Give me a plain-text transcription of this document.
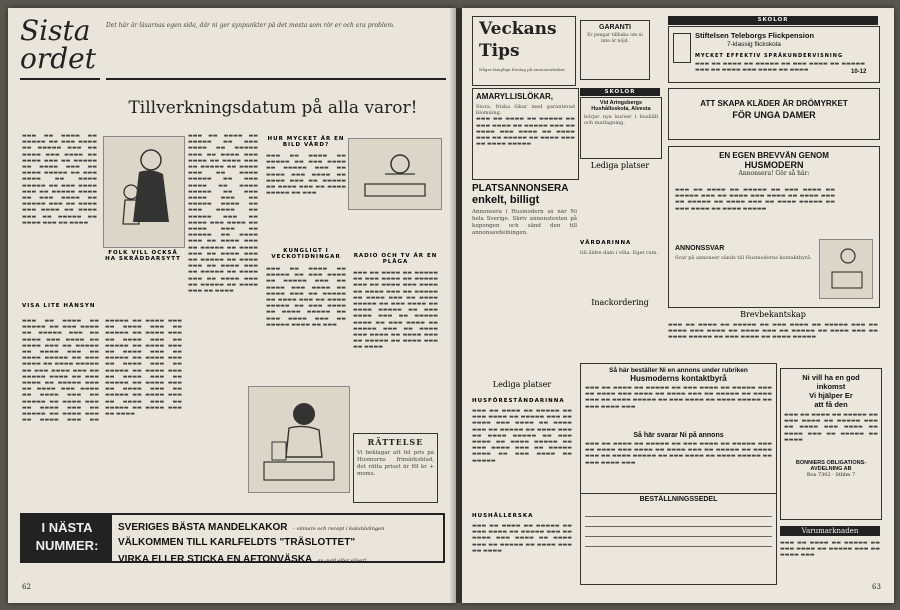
Sista
ordet
Det här är läsarnas egen sida, där ni ger synpunkter på det mesta som rör er och era problem.
Tillverkningsdatum på alla varor!
▬▬▬ ▬▬ ▬▬▬▬ ▬▬ ▬▬▬▬▬ ▬▬ ▬▬▬ ▬▬▬▬ ▬▬ ▬▬▬▬▬ ▬▬▬ ▬▬ ▬▬▬▬ ▬▬▬ ▬▬▬▬ ▬▬ ▬▬▬▬ ▬▬▬ ▬▬ ▬▬▬▬▬ ▬▬ ▬▬▬▬ ▬▬▬ ▬▬ ▬▬▬▬ ▬▬▬▬▬ ▬▬ ▬▬▬ ▬▬▬▬ ▬▬ ▬▬▬▬ ▬▬▬▬▬ ▬▬ ▬▬▬ ▬▬▬▬ ▬▬▬ ▬▬ ▬▬▬▬▬ ▬▬▬▬ ▬▬ ▬▬▬ ▬▬▬▬ ▬▬ ▬▬▬▬▬ ▬▬▬ ▬▬ ▬▬▬▬ ▬▬▬ ▬▬▬▬ ▬▬ ▬▬▬▬ ▬▬▬ ▬▬ ▬▬▬▬▬ ▬▬ ▬▬▬▬ ▬▬▬ ▬▬ ▬▬▬▬
FOLK VILL OCKSÅ HA SKRÅDDARSYTT
▬▬▬ ▬▬ ▬▬▬▬ ▬▬ ▬▬▬▬▬ ▬▬ ▬▬▬ ▬▬▬▬ ▬▬ ▬▬▬▬▬ ▬▬▬ ▬▬ ▬▬▬▬ ▬▬▬ ▬▬▬▬ ▬▬ ▬▬▬▬ ▬▬▬ ▬▬ ▬▬▬▬▬ ▬▬ ▬▬▬▬ ▬▬▬ ▬▬ ▬▬▬▬ ▬▬▬▬▬ ▬▬ ▬▬▬ ▬▬▬▬ ▬▬ ▬▬▬▬ ▬▬▬▬▬ ▬▬ ▬▬▬ ▬▬▬▬ ▬▬▬ ▬▬ ▬▬▬▬▬ ▬▬▬▬ ▬▬ ▬▬▬ ▬▬▬▬ ▬▬ ▬▬▬▬▬ ▬▬▬ ▬▬ ▬▬▬▬ ▬▬▬ ▬▬▬▬ ▬▬ ▬▬▬▬ ▬▬▬ ▬▬ ▬▬▬▬▬ ▬▬ ▬▬▬▬ ▬▬▬ ▬▬ ▬▬▬▬ ▬▬▬ ▬▬ ▬▬▬▬▬ ▬▬ ▬▬▬▬ ▬▬▬ ▬▬ ▬▬▬▬ ▬▬▬ ▬▬ ▬▬▬▬▬ ▬▬ ▬▬▬▬ ▬▬▬ ▬▬ ▬▬▬▬ ▬▬▬ ▬▬ ▬▬▬▬▬ ▬▬ ▬▬▬▬ ▬▬▬ ▬▬ ▬▬▬▬ ▬▬▬ ▬▬ ▬▬▬▬▬ ▬▬ ▬▬▬▬ ▬▬▬ ▬▬ ▬▬▬▬
HUR MYCKET ÄR EN BILD VÄRD?
▬▬▬ ▬▬ ▬▬▬▬ ▬▬ ▬▬▬▬▬ ▬▬ ▬▬▬ ▬▬▬▬ ▬▬ ▬▬▬▬▬ ▬▬▬ ▬▬ ▬▬▬▬ ▬▬▬ ▬▬▬▬ ▬▬ ▬▬▬▬ ▬▬▬ ▬▬ ▬▬▬▬▬ ▬▬ ▬▬▬▬ ▬▬▬ ▬▬ ▬▬▬▬ ▬▬▬▬▬ ▬▬ ▬▬▬
KUNGLIGT I VECKOTIDNINGAR
▬▬▬ ▬▬ ▬▬▬▬ ▬▬ ▬▬▬▬▬ ▬▬ ▬▬▬ ▬▬▬▬ ▬▬ ▬▬▬▬▬ ▬▬▬ ▬▬ ▬▬▬▬ ▬▬▬ ▬▬▬▬ ▬▬ ▬▬▬▬ ▬▬▬ ▬▬ ▬▬▬▬▬ ▬▬ ▬▬▬▬ ▬▬▬ ▬▬ ▬▬▬▬ ▬▬▬▬▬ ▬▬ ▬▬▬ ▬▬▬▬ ▬▬ ▬▬▬▬ ▬▬▬▬▬ ▬▬ ▬▬▬ ▬▬▬▬ ▬▬▬ ▬▬ ▬▬▬▬▬ ▬▬▬▬ ▬▬ ▬▬▬
RADIO OCH TV ÄR EN PLÅGA
▬▬▬ ▬▬ ▬▬▬▬ ▬▬ ▬▬▬▬▬ ▬▬ ▬▬▬ ▬▬▬▬ ▬▬ ▬▬▬▬▬ ▬▬▬ ▬▬ ▬▬▬▬ ▬▬▬ ▬▬▬▬ ▬▬ ▬▬▬▬ ▬▬▬ ▬▬ ▬▬▬▬▬ ▬▬ ▬▬▬▬ ▬▬▬ ▬▬ ▬▬▬▬ ▬▬▬▬▬ ▬▬ ▬▬▬ ▬▬▬▬ ▬▬ ▬▬▬▬ ▬▬▬▬▬ ▬▬ ▬▬▬ ▬▬▬▬ ▬▬▬ ▬▬ ▬▬▬▬▬ ▬▬▬▬ ▬▬ ▬▬▬ ▬▬▬▬ ▬▬ ▬▬▬▬▬ ▬▬▬ ▬▬ ▬▬▬▬ ▬▬▬ ▬▬▬▬ ▬▬ ▬▬▬▬ ▬▬▬ ▬▬ ▬▬▬▬▬ ▬▬ ▬▬▬▬ ▬▬▬ ▬▬ ▬▬▬▬
VISA LITE HÄNSYN
▬▬▬ ▬▬ ▬▬▬▬ ▬▬ ▬▬▬▬▬ ▬▬ ▬▬▬ ▬▬▬▬ ▬▬ ▬▬▬▬▬ ▬▬▬ ▬▬ ▬▬▬▬ ▬▬▬ ▬▬▬▬ ▬▬ ▬▬▬▬ ▬▬▬ ▬▬ ▬▬▬▬▬ ▬▬ ▬▬▬▬ ▬▬▬ ▬▬ ▬▬▬▬ ▬▬▬▬▬ ▬▬ ▬▬▬ ▬▬▬▬ ▬▬ ▬▬▬▬ ▬▬▬▬▬ ▬▬ ▬▬▬ ▬▬▬▬ ▬▬▬ ▬▬ ▬▬▬▬▬ ▬▬▬▬ ▬▬ ▬▬▬ ▬▬▬▬ ▬▬ ▬▬▬▬▬ ▬▬▬ ▬▬ ▬▬▬▬ ▬▬▬ ▬▬▬▬ ▬▬ ▬▬▬▬ ▬▬▬ ▬▬ ▬▬▬▬▬ ▬▬ ▬▬▬▬ ▬▬▬ ▬▬ ▬▬▬▬ ▬▬▬ ▬▬ ▬▬▬▬▬ ▬▬ ▬▬▬▬ ▬▬▬ ▬▬ ▬▬▬▬ ▬▬▬ ▬▬ ▬▬▬▬▬ ▬▬ ▬▬▬▬ ▬▬▬ ▬▬ ▬▬▬▬ ▬▬▬ ▬▬ ▬▬▬▬▬ ▬▬ ▬▬▬▬ ▬▬▬ ▬▬ ▬▬▬▬ ▬▬▬ ▬▬ ▬▬▬▬▬ ▬▬ ▬▬▬▬ ▬▬▬ ▬▬ ▬▬▬▬ ▬▬▬ ▬▬ ▬▬▬▬▬ ▬▬ ▬▬▬▬ ▬▬▬ ▬▬ ▬▬▬▬ ▬▬▬ ▬▬ ▬▬▬▬▬ ▬▬ ▬▬▬▬ ▬▬▬ ▬▬ ▬▬▬▬ ▬▬▬ ▬▬ ▬▬▬▬▬ ▬▬ ▬▬▬▬ ▬▬▬ ▬▬ ▬▬▬▬ ▬▬▬ ▬▬ ▬▬▬▬▬ ▬▬ ▬▬▬▬ ▬▬▬ ▬▬ ▬▬▬▬ ▬▬▬ ▬▬ ▬▬▬▬▬ ▬▬ ▬▬▬▬ ▬▬▬ ▬▬ ▬▬▬▬
RÄTTELSE
Vi beklagar att fel pris på Husmorns frimärksblad, det rätta priset är 69 kr + moms.
I NÄSTA
NUMMER:
SVERIGES BÄSTA MANDELKAKOR – vinnare och recept i kakstävlingen
VÄLKOMMEN TILL KARLFELDTS "TRÄSLOTTET"
VIRKA ELLER STICKA EN AFTONVÄSKA av guld eller silver!
62
Veckans
Tips
Några lämpliga förslag på annonsrubriker
GARANTI
Er pengar tillbaka om ni inte är nöjd.
SKOLOR
Stiftelsen Teleborgs Flickpension
7-klassig flickskola
MYCKET EFFEKTIV SPRÅKUNDERVISNING
▬▬▬ ▬▬ ▬▬▬▬ ▬▬ ▬▬▬▬▬ ▬▬ ▬▬▬ ▬▬▬▬ ▬▬ ▬▬▬▬▬ ▬▬▬ ▬▬ ▬▬▬▬ ▬▬▬ ▬▬▬▬ ▬▬ ▬▬▬▬	10-12
AMARYLLISLÖKAR,
Stora, friska lökar med garanterad blomning.
▬▬▬ ▬▬ ▬▬▬▬ ▬▬ ▬▬▬▬▬ ▬▬ ▬▬▬ ▬▬▬▬ ▬▬ ▬▬▬▬▬ ▬▬▬ ▬▬ ▬▬▬▬ ▬▬▬ ▬▬▬▬ ▬▬ ▬▬▬▬ ▬▬▬ ▬▬ ▬▬▬▬▬ ▬▬ ▬▬▬▬ ▬▬▬ ▬▬ ▬▬▬▬ ▬▬▬▬▬
SKOLOR
Vid Aringsbergs Hushållsskola, Alvesta
börjar nya kurser i hushåll och matlagning.
ATT SKAPA KLÄDER ÄR DRÖMYRKET
FÖR UNGA DAMER
Lediga platser
VÅRDARINNA
till äldre dam i villa. Eget rum.
PLATSANNONSERA
enkelt, billigt
Annonsera i Husmodern så når Ni hela Sverige. Skriv annonstexten på kupongen och sänd den till annonsavdelningen.
EN EGEN BREVVÄN GENOM
HUSMODERN
Annonsera! Gör så här:
▬▬▬ ▬▬ ▬▬▬▬ ▬▬ ▬▬▬▬▬ ▬▬ ▬▬▬ ▬▬▬▬ ▬▬ ▬▬▬▬▬ ▬▬▬ ▬▬ ▬▬▬▬ ▬▬▬ ▬▬▬▬ ▬▬ ▬▬▬▬ ▬▬▬ ▬▬ ▬▬▬▬▬ ▬▬ ▬▬▬▬ ▬▬▬ ▬▬ ▬▬▬▬ ▬▬▬▬▬ ▬▬ ▬▬▬ ▬▬▬▬ ▬▬ ▬▬▬▬ ▬▬▬▬▬
ANNONSSVAR
Svar på annonser sänds till Husmoderns kontaktbyrå.
Inackordering
Brevbekantskap
▬▬▬ ▬▬ ▬▬▬▬ ▬▬ ▬▬▬▬▬ ▬▬ ▬▬▬ ▬▬▬▬ ▬▬ ▬▬▬▬▬ ▬▬▬ ▬▬ ▬▬▬▬ ▬▬▬ ▬▬▬▬ ▬▬ ▬▬▬▬ ▬▬▬ ▬▬ ▬▬▬▬▬ ▬▬ ▬▬▬▬ ▬▬▬ ▬▬ ▬▬▬▬ ▬▬▬▬▬ ▬▬ ▬▬▬ ▬▬▬▬ ▬▬ ▬▬▬▬ ▬▬▬▬▬
Så här beställer Ni en annons under rubriken
Husmoderns kontaktbyrå
▬▬▬ ▬▬ ▬▬▬▬ ▬▬ ▬▬▬▬▬ ▬▬ ▬▬▬ ▬▬▬▬ ▬▬ ▬▬▬▬▬ ▬▬▬ ▬▬ ▬▬▬▬ ▬▬▬ ▬▬▬▬ ▬▬ ▬▬▬▬ ▬▬▬ ▬▬ ▬▬▬▬▬ ▬▬ ▬▬▬▬ ▬▬▬ ▬▬ ▬▬▬▬ ▬▬▬▬▬ ▬▬ ▬▬▬ ▬▬▬▬ ▬▬ ▬▬▬▬ ▬▬▬▬▬ ▬▬ ▬▬▬ ▬▬▬▬ ▬▬▬
Så här svarar Ni på annons
▬▬▬ ▬▬ ▬▬▬▬ ▬▬ ▬▬▬▬▬ ▬▬ ▬▬▬ ▬▬▬▬ ▬▬ ▬▬▬▬▬ ▬▬▬ ▬▬ ▬▬▬▬ ▬▬▬ ▬▬▬▬ ▬▬ ▬▬▬▬ ▬▬▬ ▬▬ ▬▬▬▬▬ ▬▬ ▬▬▬▬ ▬▬▬ ▬▬ ▬▬▬▬ ▬▬▬▬▬ ▬▬ ▬▬▬ ▬▬▬▬ ▬▬ ▬▬▬▬ ▬▬▬▬▬ ▬▬ ▬▬▬ ▬▬▬▬ ▬▬▬
BESTÄLLNINGSSEDEL
Lediga platser
HUSFÖRESTÅNDARINNA
▬▬▬ ▬▬ ▬▬▬▬ ▬▬ ▬▬▬▬▬ ▬▬ ▬▬▬ ▬▬▬▬ ▬▬ ▬▬▬▬▬ ▬▬▬ ▬▬ ▬▬▬▬ ▬▬▬ ▬▬▬▬ ▬▬ ▬▬▬▬ ▬▬▬ ▬▬ ▬▬▬▬▬ ▬▬ ▬▬▬▬ ▬▬▬ ▬▬ ▬▬▬▬ ▬▬▬▬▬ ▬▬ ▬▬▬ ▬▬▬▬ ▬▬ ▬▬▬▬ ▬▬▬▬▬ ▬▬ ▬▬▬ ▬▬▬▬ ▬▬▬ ▬▬ ▬▬▬▬▬ ▬▬▬▬ ▬▬ ▬▬▬ ▬▬▬▬ ▬▬ ▬▬▬▬▬
HUSHÅLLERSKA
▬▬▬ ▬▬ ▬▬▬▬ ▬▬ ▬▬▬▬▬ ▬▬ ▬▬▬ ▬▬▬▬ ▬▬ ▬▬▬▬▬ ▬▬▬ ▬▬ ▬▬▬▬ ▬▬▬ ▬▬▬▬ ▬▬ ▬▬▬▬ ▬▬▬ ▬▬ ▬▬▬▬▬ ▬▬ ▬▬▬▬ ▬▬▬ ▬▬ ▬▬▬▬
Ni vill ha en god
inkomst
Vi hjälper Er
att få den
▬▬▬ ▬▬ ▬▬▬▬ ▬▬ ▬▬▬▬▬ ▬▬ ▬▬▬ ▬▬▬▬ ▬▬ ▬▬▬▬▬ ▬▬▬ ▬▬ ▬▬▬▬ ▬▬▬ ▬▬▬▬ ▬▬ ▬▬▬▬ ▬▬▬ ▬▬ ▬▬▬▬▬ ▬▬ ▬▬▬▬
BONNIERS OBLIGATIONS-
AVDELNING AB
Box 7302 · Sthlm 7
Varumarknaden
▬▬▬ ▬▬ ▬▬▬▬ ▬▬ ▬▬▬▬▬ ▬▬ ▬▬▬ ▬▬▬▬ ▬▬ ▬▬▬▬▬ ▬▬▬ ▬▬ ▬▬▬▬ ▬▬▬
63
